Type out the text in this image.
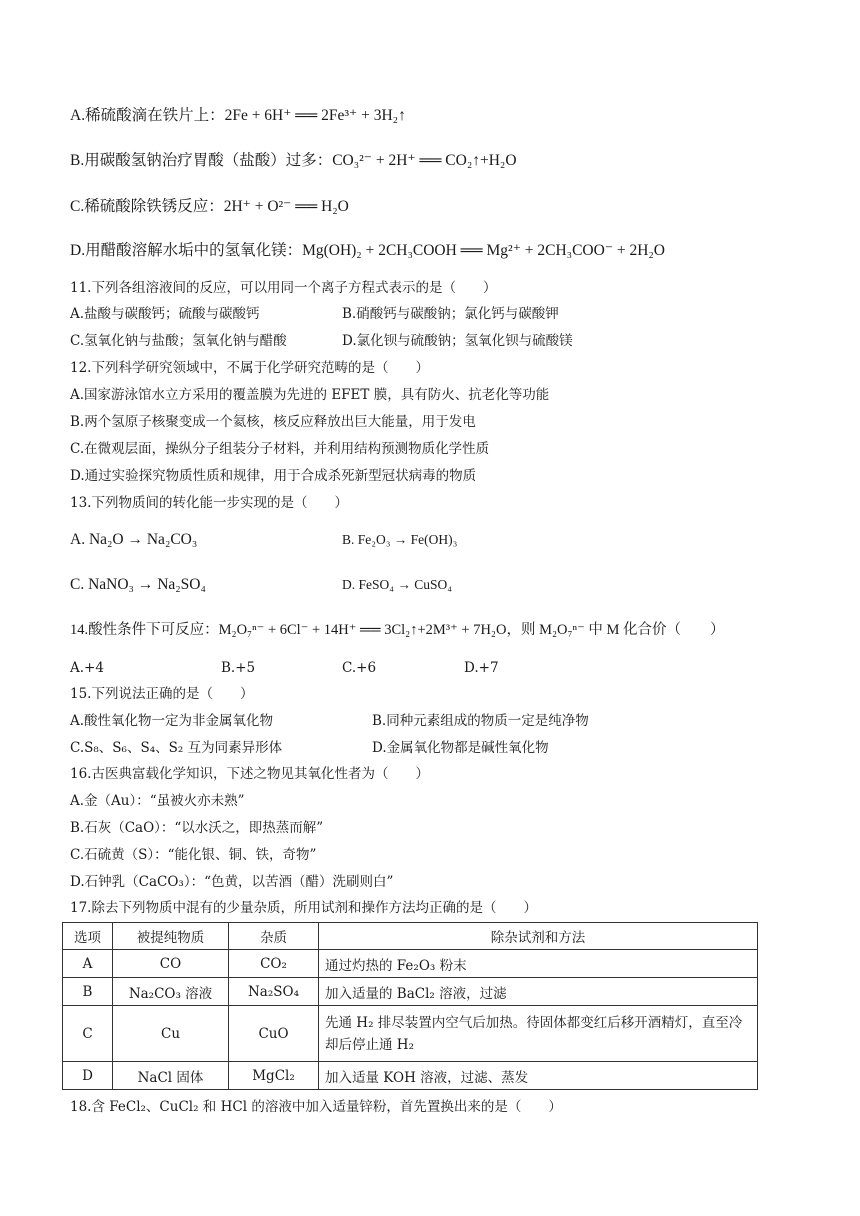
A.稀硫酸滴在铁片上：2Fe + 6H⁺ ══ 2Fe³⁺ + 3H₂↑
B.用碳酸氢钠治疗胃酸（盐酸）过多：CO₃²⁻ + 2H⁺ ══ CO₂↑+H₂O
C.稀硫酸除铁锈反应：2H⁺ + O²⁻ ══ H₂O
D.用醋酸溶解水垢中的氢氧化镁：Mg(OH)₂ + 2CH₃COOH ══ Mg²⁺ + 2CH₃COO⁻ + 2H₂O
11.下列各组溶液间的反应，可以用同一个离子方程式表示的是（　　）
A.盐酸与碳酸钙；硫酸与碳酸钙	B.硝酸钙与碳酸钠；氯化钙与碳酸钾
C.氢氧化钠与盐酸；氢氧化钠与醋酸	D.氯化钡与硫酸钠；氢氧化钡与硫酸镁
12.下列科学研究领域中，不属于化学研究范畴的是（　　）
A.国家游泳馆水立方采用的覆盖膜为先进的 EFET 膜，具有防火、抗老化等功能
B.两个氢原子核聚变成一个氦核，核反应释放出巨大能量，用于发电
C.在微观层面，操纵分子组装分子材料，并利用结构预测物质化学性质
D.通过实验探究物质性质和规律，用于合成杀死新型冠状病毒的物质
13.下列物质间的转化能一步实现的是（　　）
A. Na₂O → Na₂CO₃	B. Fe₂O₃ → Fe(OH)₃
C. NaNO₃ → Na₂SO₄	D. FeSO₄ → CuSO₄
14.酸性条件下可反应：M₂O₇ⁿ⁻ + 6Cl⁻ + 14H⁺ ══ 3Cl₂↑+2M³⁺ + 7H₂O，则 M₂O₇ⁿ⁻ 中 M 化合价（　　）
A.+4	B.+5	C.+6	D.+7
15.下列说法正确的是（　　）
A.酸性氧化物一定为非金属氧化物	B.同种元素组成的物质一定是纯净物
C.S₈、S₆、S₄、S₂ 互为同素异形体	D.金属氧化物都是碱性氧化物
16.古医典富载化学知识，下述之物见其氧化性者为（　　）
A.金（Au）：“虽被火亦未熟”
B.石灰（CaO）：“以水沃之，即热蒸而解”
C.石硫黄（S）：“能化银、铜、铁，奇物”
D.石钟乳（CaCO₃）：“色黄，以苦酒（醋）洗刷则白”
17.除去下列物质中混有的少量杂质，所用试剂和操作方法均正确的是（　　）
选项	被提纯物质	杂质	除杂试剂和方法
A	CO	CO₂	通过灼热的 Fe₂O₃ 粉末
B	Na₂CO₃ 溶液	Na₂SO₄	加入适量的 BaCl₂ 溶液，过滤
C	Cu	CuO	先通 H₂ 排尽装置内空气后加热。待固体都变红后移开酒精灯，直至冷却后停止通 H₂
D	NaCl 固体	MgCl₂	加入适量 KOH 溶液，过滤、蒸发
18.含 FeCl₂、CuCl₂ 和 HCl 的溶液中加入适量锌粉，首先置换出来的是（　　）
